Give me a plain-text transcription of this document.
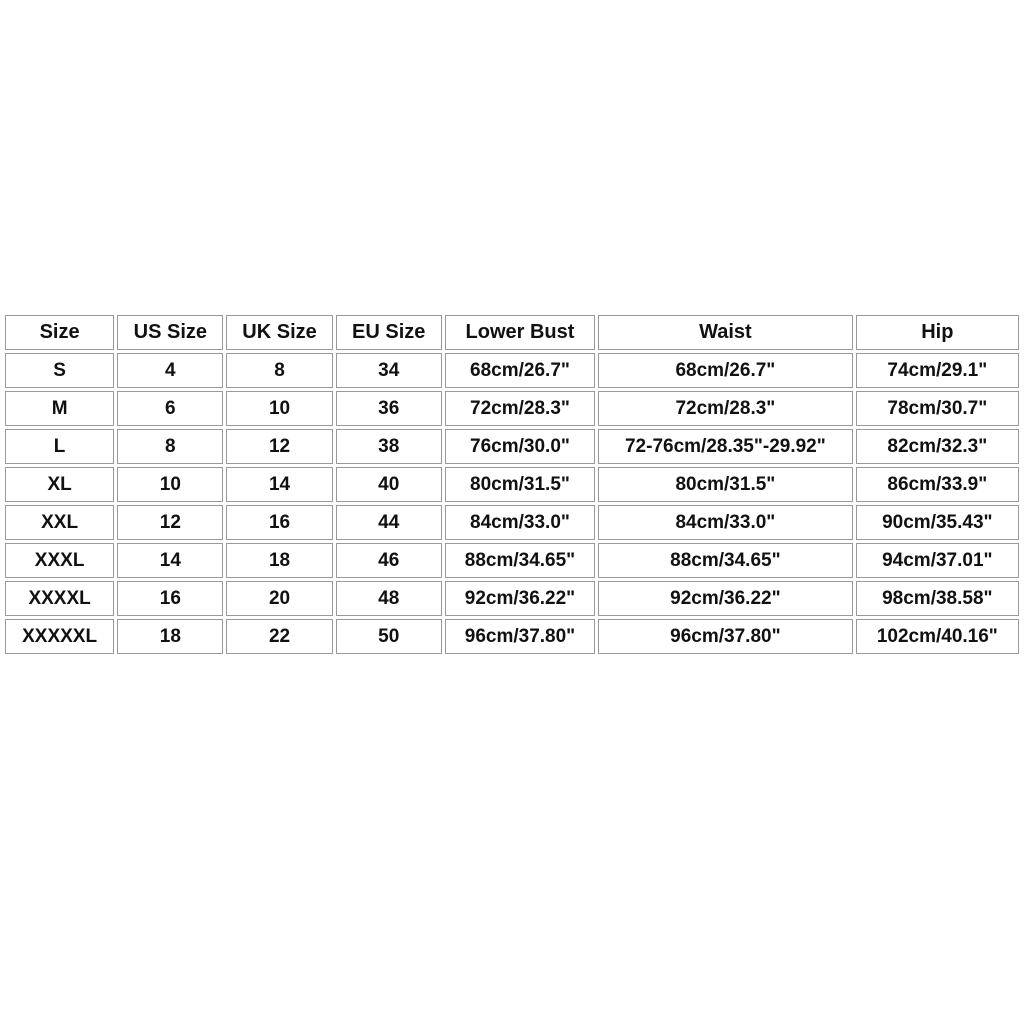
Size	US Size	UK Size	EU Size	Lower Bust	Waist	Hip
S	4	8	34	68cm/26.7"	68cm/26.7"	74cm/29.1"
M	6	10	36	72cm/28.3"	72cm/28.3"	78cm/30.7"
L	8	12	38	76cm/30.0"	72-76cm/28.35"-29.92"	82cm/32.3"
XL	10	14	40	80cm/31.5"	80cm/31.5"	86cm/33.9"
XXL	12	16	44	84cm/33.0"	84cm/33.0"	90cm/35.43"
XXXL	14	18	46	88cm/34.65"	88cm/34.65"	94cm/37.01"
XXXXL	16	20	48	92cm/36.22"	92cm/36.22"	98cm/38.58"
XXXXXL	18	22	50	96cm/37.80"	96cm/37.80"	102cm/40.16"
